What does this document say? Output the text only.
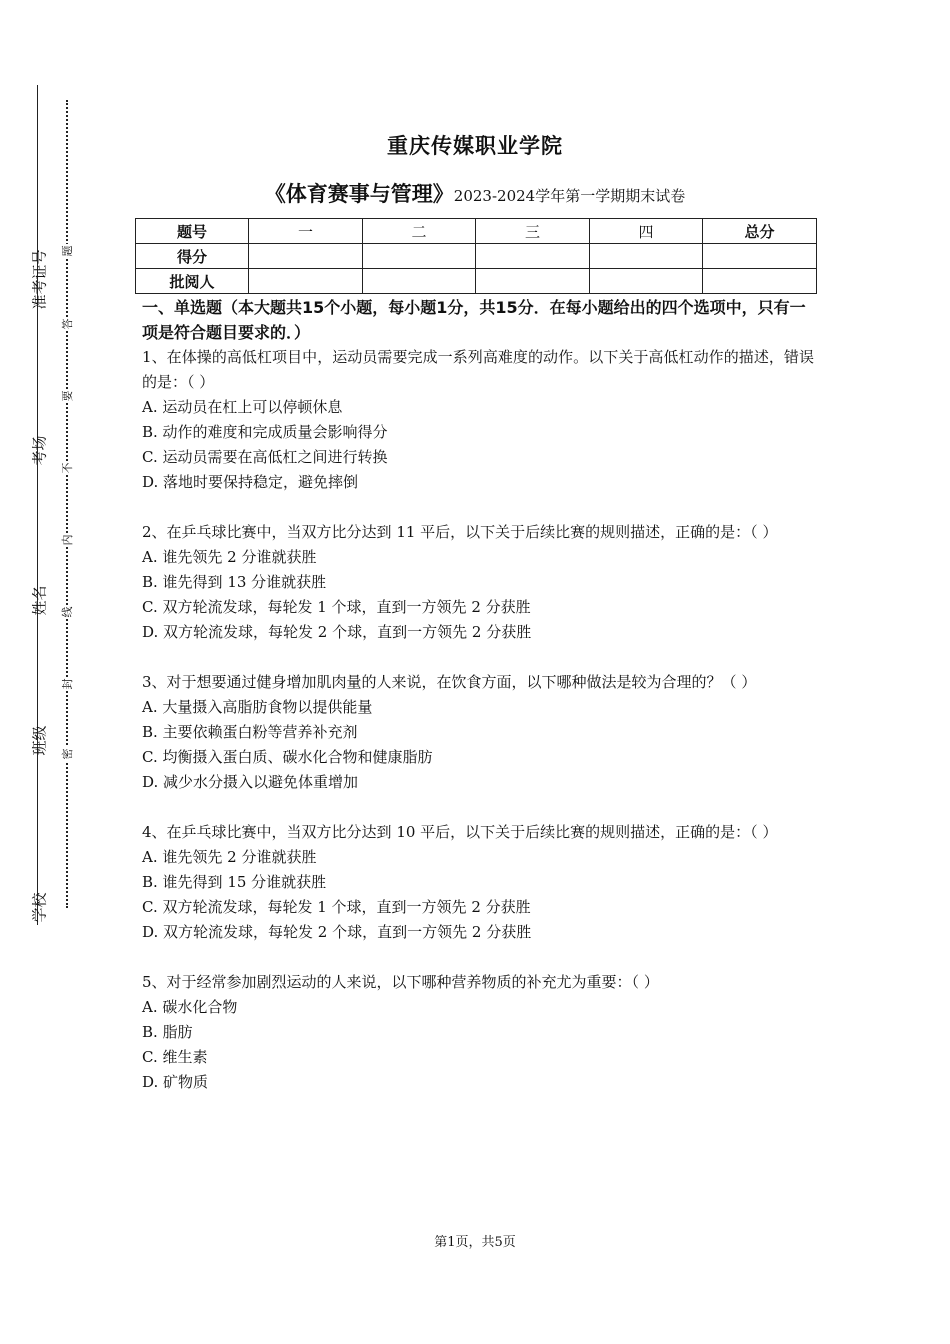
准考证号
考场
姓名
班级
学校
题
答
要
不
内
线
封
密
重庆传媒职业学院
《体育赛事与管理》2023-2024学年第一学期期末试卷
题号	一	二	三	四	总分
得分					
批阅人					
一、单选题（本大题共15个小题，每小题1分，共15分．在每小题给出的四个选项中，只有一项是符合题目要求的．）
1、在体操的高低杠项目中，运动员需要完成一系列高难度的动作。以下关于高低杠动作的描述，错误的是：（ ）
A. 运动员在杠上可以停顿休息
B. 动作的难度和完成质量会影响得分
C. 运动员需要在高低杠之间进行转换
D. 落地时要保持稳定，避免摔倒
2、在乒乓球比赛中，当双方比分达到 11 平后，以下关于后续比赛的规则描述，正确的是：（ ）
A. 谁先领先 2 分谁就获胜
B. 谁先得到 13 分谁就获胜
C. 双方轮流发球，每轮发 1 个球，直到一方领先 2 分获胜
D. 双方轮流发球，每轮发 2 个球，直到一方领先 2 分获胜
3、对于想要通过健身增加肌肉量的人来说，在饮食方面，以下哪种做法是较为合理的？（ ）
A. 大量摄入高脂肪食物以提供能量
B. 主要依赖蛋白粉等营养补充剂
C. 均衡摄入蛋白质、碳水化合物和健康脂肪
D. 减少水分摄入以避免体重增加
4、在乒乓球比赛中，当双方比分达到 10 平后，以下关于后续比赛的规则描述，正确的是：（ ）
A. 谁先领先 2 分谁就获胜
B. 谁先得到 15 分谁就获胜
C. 双方轮流发球，每轮发 1 个球，直到一方领先 2 分获胜
D. 双方轮流发球，每轮发 2 个球，直到一方领先 2 分获胜
5、对于经常参加剧烈运动的人来说，以下哪种营养物质的补充尤为重要：（ ）
A. 碳水化合物
B. 脂肪
C. 维生素
D. 矿物质
第1页，共5页
